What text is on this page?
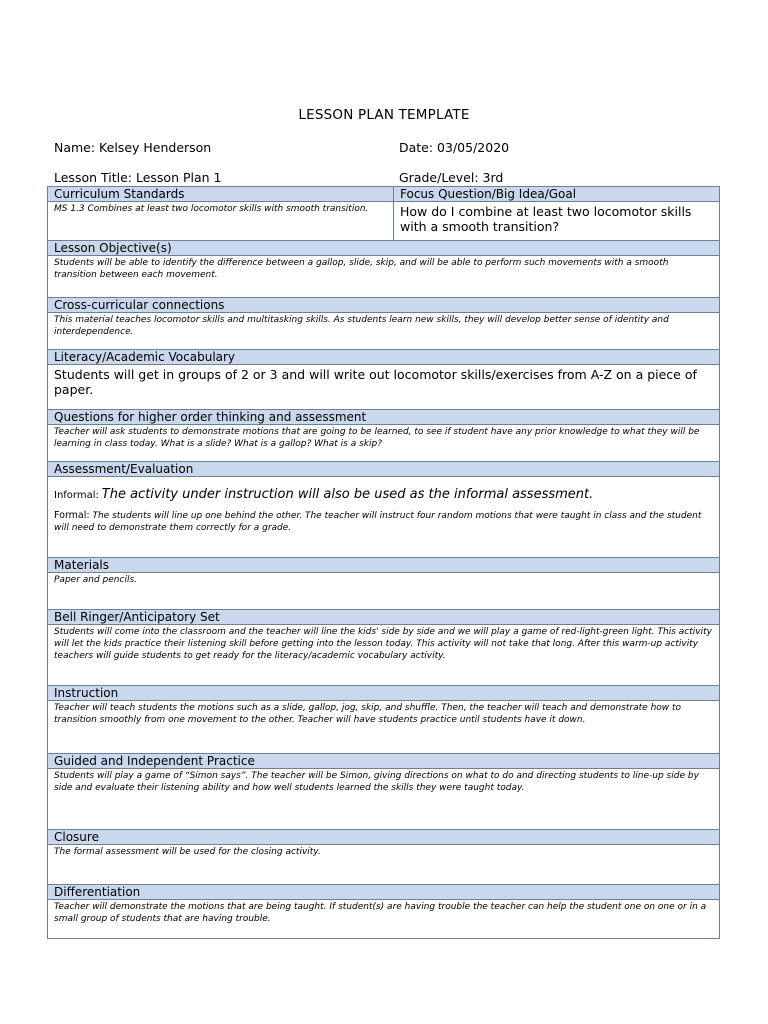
LESSON PLAN TEMPLATE
Name: Kelsey Henderson	Date: 03/05/2020
Lesson Title: Lesson Plan 1	Grade/Level: 3rd
Curriculum Standards
MS 1.3 Combines at least two locomotor skills with smooth transition.
Focus Question/Big Idea/Goal
How do I combine at least two locomotor skills with a smooth transition?
Lesson Objective(s)
Students will be able to identify the difference between a gallop, slide, skip, and will be able to perform such movements with a smooth transition between each movement.
Cross-curricular connections
This material teaches locomotor skills and multitasking skills. As students learn new skills, they will develop better sense of identity and interdependence.
Literacy/Academic Vocabulary
Students will get in groups of 2 or 3 and will write out locomotor skills/exercises from A-Z on a piece of paper.
Questions for higher order thinking and assessment
Teacher will ask students to demonstrate motions that are going to be learned, to see if student have any prior knowledge to what they will be learning in class today. What is a slide? What is a gallop? What is a skip?
Assessment/Evaluation
Informal: The activity under instruction will also be used as the informal assessment.
Formal: The students will line up one behind the other. The teacher will instruct four random motions that were taught in class and the student will need to demonstrate them correctly for a grade.
Materials
Paper and pencils.
Bell Ringer/Anticipatory Set
Students will come into the classroom and the teacher will line the kids' side by side and we will play a game of red-light-green light. This activity will let the kids practice their listening skill before getting into the lesson today. This activity will not take that long. After this warm-up activity teachers will guide students to get ready for the literacy/academic vocabulary activity.
Instruction
Teacher will teach students the motions such as a slide, gallop, jog, skip, and shuffle. Then, the teacher will teach and demonstrate how to transition smoothly from one movement to the other. Teacher will have students practice until students have it down.
Guided and Independent Practice
Students will play a game of “Simon says”. The teacher will be Simon, giving directions on what to do and directing students to line-up side by side and evaluate their listening ability and how well students learned the skills they were taught today.
Closure
The formal assessment will be used for the closing activity.
Differentiation
Teacher will demonstrate the motions that are being taught. If student(s) are having trouble the teacher can help the student one on one or in a small group of students that are having trouble.
